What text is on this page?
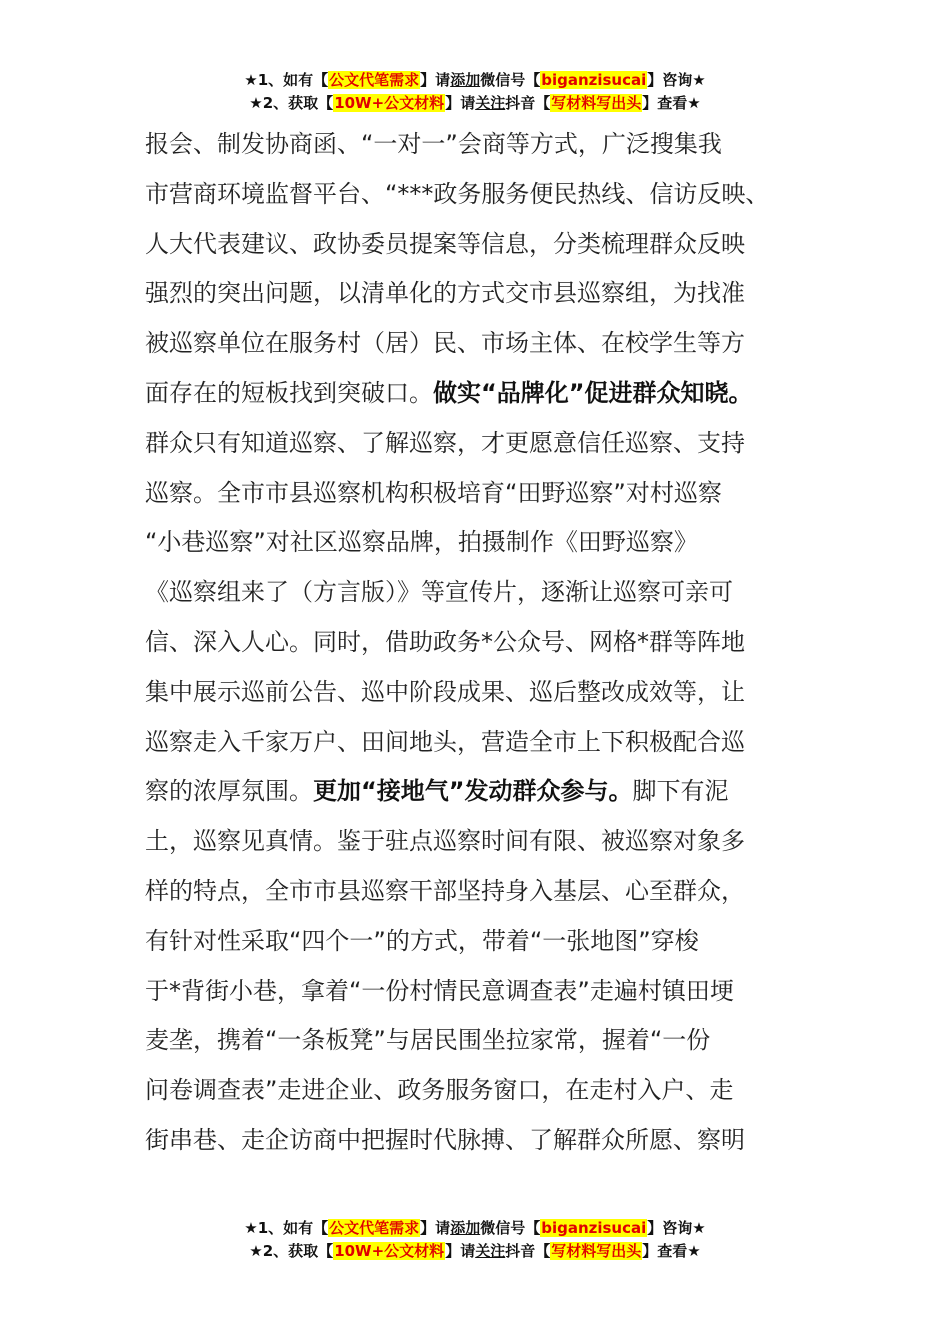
★1、如有【公文代笔需求】请添加微信号【biganzisucai】咨询★
★2、获取【10W+公文材料】请关注抖音【写材料写出头】查看★
报会、制发协商函、“一对一”会商等方式，广泛搜集我
市营商环境监督平台、“***政务服务便民热线、信访反映、
人大代表建议、政协委员提案等信息，分类梳理群众反映
强烈的突出问题，以清单化的方式交市县巡察组，为找准
被巡察单位在服务村（居）民、市场主体、在校学生等方
面存在的短板找到突破口。做实“品牌化”促进群众知晓。
群众只有知道巡察、了解巡察，才更愿意信任巡察、支持
巡察。全市市县巡察机构积极培育“田野巡察”对村巡察
“小巷巡察”对社区巡察品牌，拍摄制作《田野巡察》
《巡察组来了（方言版）》等宣传片，逐渐让巡察可亲可
信、深入人心。同时，借助政务*公众号、网格*群等阵地
集中展示巡前公告、巡中阶段成果、巡后整改成效等，让
巡察走入千家万户、田间地头，营造全市上下积极配合巡
察的浓厚氛围。更加“接地气”发动群众参与。脚下有泥
土，巡察见真情。鉴于驻点巡察时间有限、被巡察对象多
样的特点，全市市县巡察干部坚持身入基层、心至群众，
有针对性采取“四个一”的方式，带着“一张地图”穿梭
于*背街小巷，拿着“一份村情民意调查表”走遍村镇田埂
麦垄，携着“一条板凳”与居民围坐拉家常，握着“一份
问卷调查表”走进企业、政务服务窗口，在走村入户、走
街串巷、走企访商中把握时代脉搏、了解群众所愿、察明
★1、如有【公文代笔需求】请添加微信号【biganzisucai】咨询★
★2、获取【10W+公文材料】请关注抖音【写材料写出头】查看★
